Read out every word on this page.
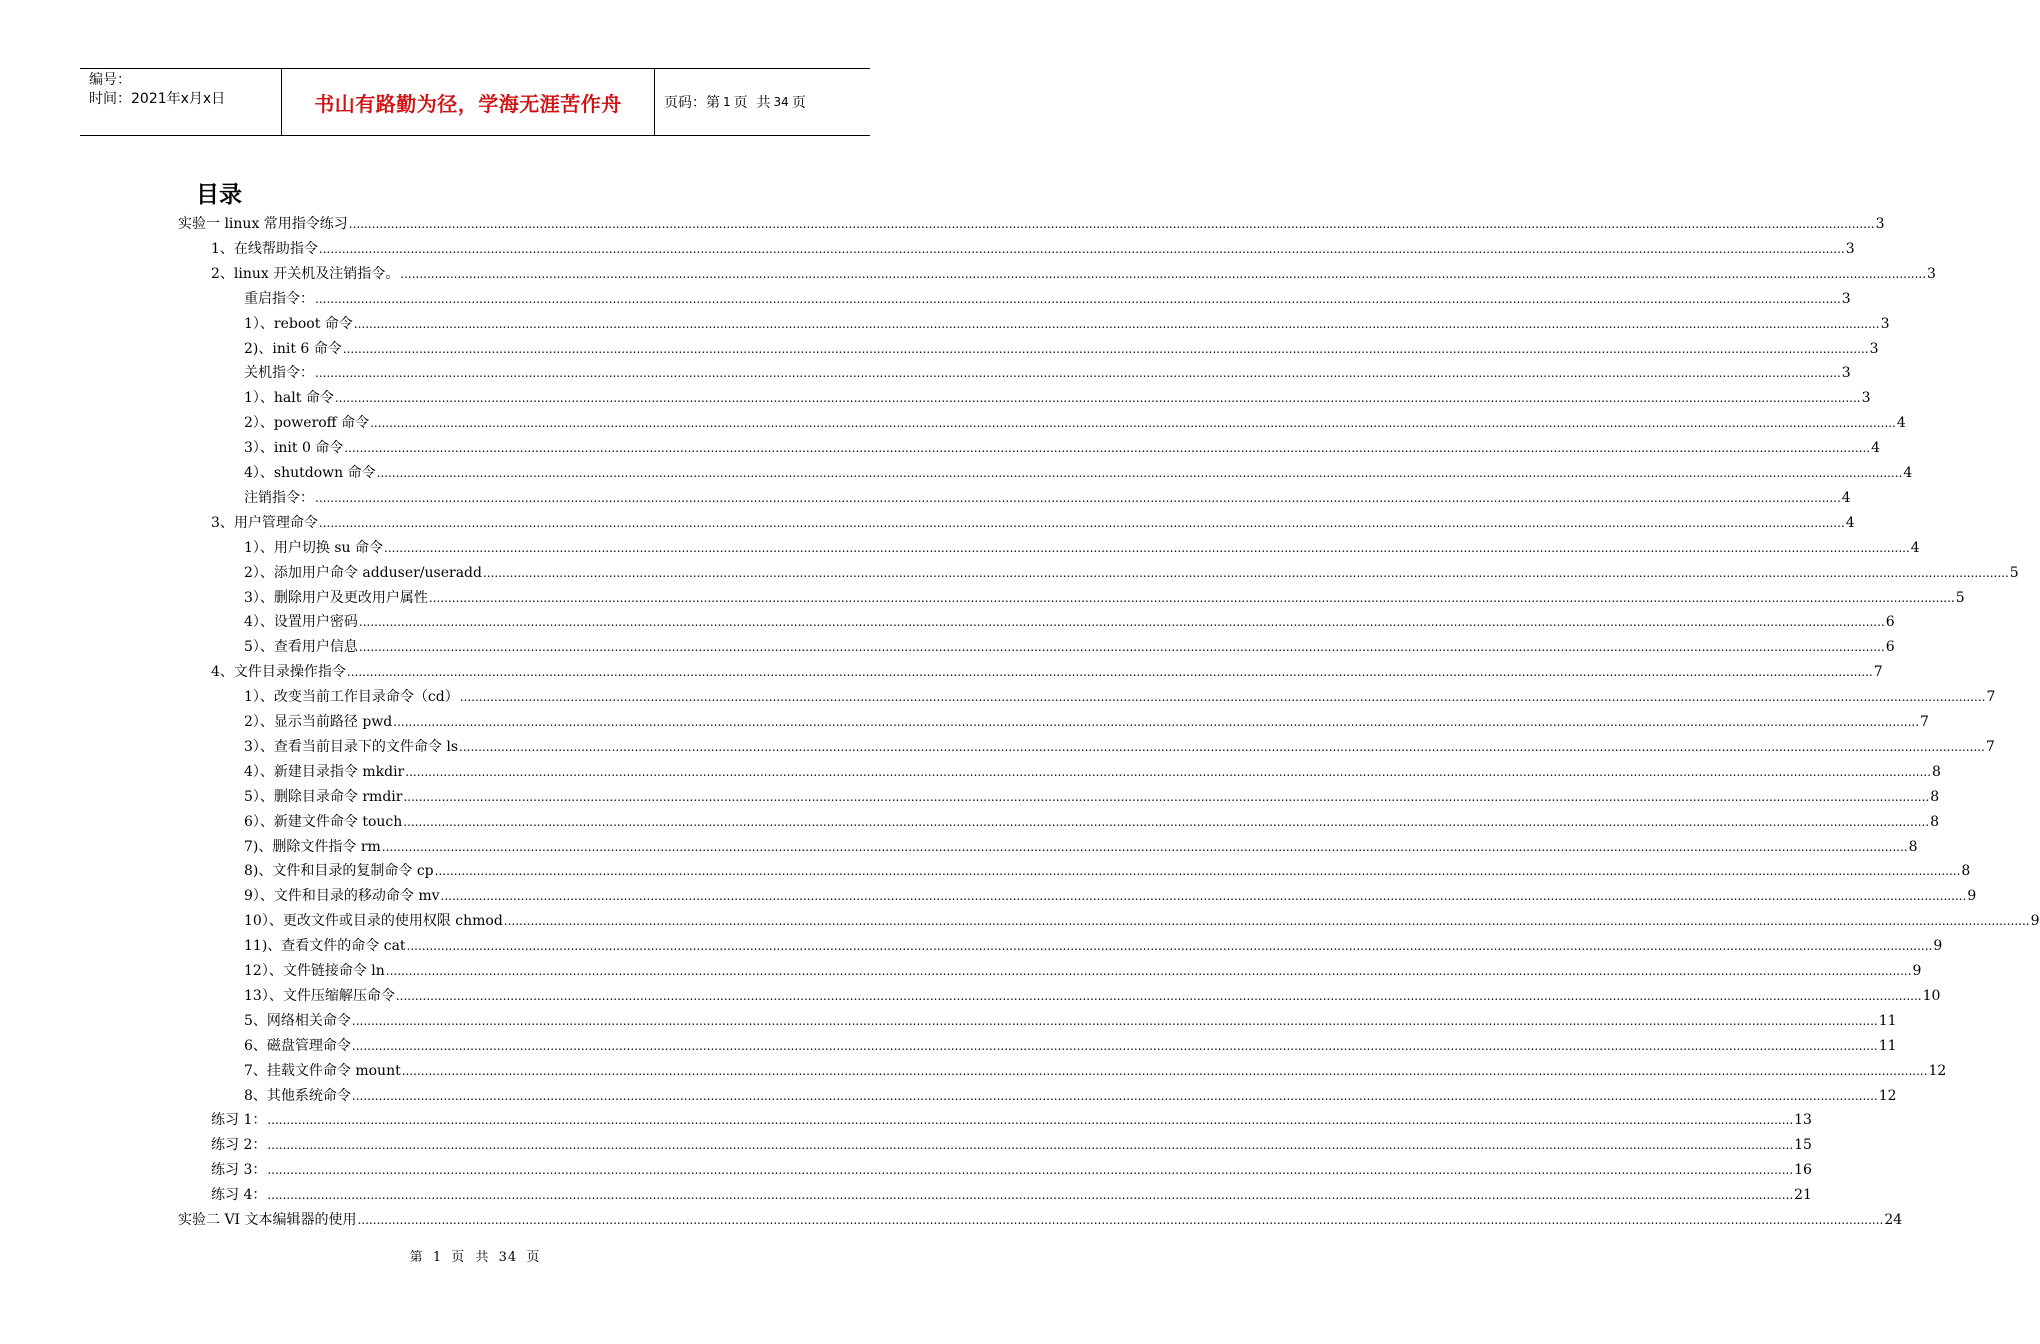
编号：
时间：2021年x月x日	书山有路勤为径，学海无涯苦作舟	页码：第 1 页  共 34 页
目录
实验一 linux 常用指令练习 ................................................................................................................................................................................................................................................................................................................................................................................................................ 3
1、在线帮助指令 ................................................................................................................................................................................................................................................................................................................................................................................................................ 3
2、linux 开关机及注销指令。 ................................................................................................................................................................................................................................................................................................................................................................................................................ 3
重启指令： ................................................................................................................................................................................................................................................................................................................................................................................................................ 3
1）、reboot 命令 ................................................................................................................................................................................................................................................................................................................................................................................................................ 3
2)、init 6 命令 ................................................................................................................................................................................................................................................................................................................................................................................................................ 3
关机指令： ................................................................................................................................................................................................................................................................................................................................................................................................................ 3
1）、halt 命令 ................................................................................................................................................................................................................................................................................................................................................................................................................ 3
2）、poweroff 命令 ................................................................................................................................................................................................................................................................................................................................................................................................................ 4
3）、init 0 命令 ................................................................................................................................................................................................................................................................................................................................................................................................................ 4
4）、shutdown 命令 ................................................................................................................................................................................................................................................................................................................................................................................................................ 4
注销指令： ................................................................................................................................................................................................................................................................................................................................................................................................................ 4
3、用户管理命令 ................................................................................................................................................................................................................................................................................................................................................................................................................ 4
1）、用户切换 su 命令 ................................................................................................................................................................................................................................................................................................................................................................................................................ 4
2）、添加用户命令 adduser/useradd ................................................................................................................................................................................................................................................................................................................................................................................................................ 5
3）、删除用户及更改用户属性 ................................................................................................................................................................................................................................................................................................................................................................................................................ 5
4）、设置用户密码 ................................................................................................................................................................................................................................................................................................................................................................................................................ 6
5）、查看用户信息 ................................................................................................................................................................................................................................................................................................................................................................................................................ 6
4、文件目录操作指令 ................................................................................................................................................................................................................................................................................................................................................................................................................ 7
1）、改变当前工作目录命令（cd） ................................................................................................................................................................................................................................................................................................................................................................................................................ 7
2）、显示当前路径 pwd ................................................................................................................................................................................................................................................................................................................................................................................................................ 7
3）、查看当前目录下的文件命令 ls ................................................................................................................................................................................................................................................................................................................................................................................................................ 7
4）、新建目录指令 mkdir ................................................................................................................................................................................................................................................................................................................................................................................................................ 8
5）、删除目录命令 rmdir ................................................................................................................................................................................................................................................................................................................................................................................................................ 8
6）、新建文件命令 touch ................................................................................................................................................................................................................................................................................................................................................................................................................ 8
7)、删除文件指令 rm ................................................................................................................................................................................................................................................................................................................................................................................................................ 8
8)、文件和目录的复制命令 cp ................................................................................................................................................................................................................................................................................................................................................................................................................ 8
9）、文件和目录的移动命令 mv ................................................................................................................................................................................................................................................................................................................................................................................................................ 9
10）、更改文件或目录的使用权限 chmod ................................................................................................................................................................................................................................................................................................................................................................................................................ 9
11)、查看文件的命令 cat ................................................................................................................................................................................................................................................................................................................................................................................................................ 9
12）、文件链接命令 ln ................................................................................................................................................................................................................................................................................................................................................................................................................ 9
13）、文件压缩解压命令 ................................................................................................................................................................................................................................................................................................................................................................................................................ 10
5、网络相关命令 ................................................................................................................................................................................................................................................................................................................................................................................................................ 11
6、磁盘管理命令 ................................................................................................................................................................................................................................................................................................................................................................................................................ 11
7、挂载文件命令 mount ................................................................................................................................................................................................................................................................................................................................................................................................................ 12
8、其他系统命令 ................................................................................................................................................................................................................................................................................................................................................................................................................ 12
练习 1： ................................................................................................................................................................................................................................................................................................................................................................................................................ 13
练习 2： ................................................................................................................................................................................................................................................................................................................................................................................................................ 15
练习 3： ................................................................................................................................................................................................................................................................................................................................................................................................................ 16
练习 4： ................................................................................................................................................................................................................................................................................................................................................................................................................ 21
实验二 VI 文本编辑器的使用 ................................................................................................................................................................................................................................................................................................................................................................................................................ 24
第 1 页  共 34 页
